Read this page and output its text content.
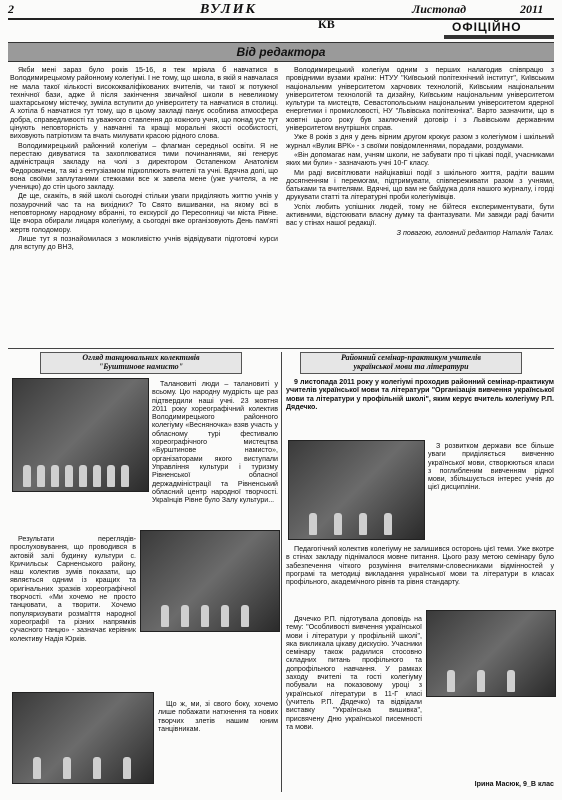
2	ВУЛИК	Листопад	2011
КВ	ОФІЦІЙНО
Від редактора

Якби мені зараз було років 15-16, я теж мріяла б навчатися в Володимирецькому районному колегіумі. І не тому, що школа, в якій я навчалася не мала такої кількості висококваліфікованих вчителів, чи такої ж потужної технічної бази, адже й після закінчення звичайної школи в невеликому шахтарському містечку, зуміла вступити до університету та навчатися в столиці. А хотіла б навчатися тут тому, що в цьому закладі панує особлива атмосфера добра, справедливості та уважного ставлення до кожного учня, що понад усе тут цінують неповторність у навчанні та кращі моральні якості особистості, виховують патріотизм та вчать милувати красою рідного слова.

Володимирецький районний колегіум – флагман середньої освіти. Я не перестаю дивуватися та захоплюватися тими починаннями, які генерує адміністрація закладу на чолі з директором Остапенком Анатолієм Федоровичем, та які з ентузіазмом підхоплюють вчителі та учні. Вдячна долі, що вона своїми заплутаними стежками все ж завела мене (уже учителя, а не ученицю) до стін цього закладу.

Де ще, скажіть, в якій школі сьогодні стільки уваги приділяють життю учнів у позаурочний час та на вихідних? То Свято вишиванки, на якому всі в неповторному народному вбранні, то екскурсії до Пересопниці чи міста Рівне. Ще вчора обирали лицаря колегіуму, а сьогодні вже організовують День пам'яті жертв голодомору.

Лише тут я познайомилася з можливістю учнів відвідувати підготовчі курси для вступу до ВНЗ,

Володимирецький колегіум одним з перших налагодив співпрацю з провідними вузами країни: НТУУ "Київський політехнічний інститут", Київським національним університетом харчових технологій, Київським національним університетом технологій та дизайну, Київським національним університетом культури та мистецтв, Севастопольським національним університетом ядерної енергетики і промисловості, НУ "Львівська політехніка". Варто зазначити, що в жовтні цього року був заключений договір і з Львівським державним університетом внутрішніх справ.

Уже 8 років з дня у день вірним другом крокує разом з колегіумом і шкільний журнал «Вулик ВРК» - з своїми повідомленнями, порадами, роздумами.

«Він допомагає нам, учням школи, не забувати про ті цікаві події, учасниками яких ми були» - зазначають учні 10-Г класу.

Ми раді висвітлювати найцікавіші події з шкільного життя, радіти вашим досягненням і перемогам, підтримувати, співпереживати разом з учнями, батьками та вчителями. Вдячні, що вам не байдужа доля нашого журналу, і горді друкувати статті та літературні проби колегіумівців.

Успіх любить успішних людей, тому не бійтеся експериментувати, бути активними, відстоювати власну думку та фантазувати. Ми завжди раді бачити вас у стінах нашої редакції.

З повагою, головний редактор Наталія Талах.

Огляд танцювальних колективів
"Буштинове намисто"

Талановиті люди – талановиті у всьому. Цю народну мудрість ще раз підтвердили наші учні. 23 жовтня 2011 року хореографічний колектив Володимирецького районного колегіуму «Весняночка» взяв участь у обласному турі фестивалю хореографічного мистецтва «Бурштинове намисто», організаторами якого виступали Управління культури і туризму Рівненської обласної держадміністрації та Рівненський обласний центр народної творчості. Українців Рівне було Залу культури...

Результати переглядів-прослуховування, що проводився в актовій залі будинку культури с. Кричильськ Сарненського району, наш колектив зумів показати, що являється одним із кращих та оригінальних зразків хореографічної творчості. «Ми хочемо не просто танцювати, а творити. Хочемо популяризувати розмаїття народної хореографії та різних напрямків сучасного танцю» - зазначає керівник колективу Надія Юрків.

Що ж, ми, зі свого боку, хочемо лише побажати натхнення та нових творчих злетів нашим юним танцівникам.

Районний семінар-практикум учителів
української мови та літератури

9 листопада 2011 року у колегіумі проходив районний семінар-практикум учителів української мови та літератури "Організація вивчення української мови та літератури у профільній школі", яким керує вчитель колегіуму Р.П. Дядечко.

З розвитком держави все більше уваги приділяється вивченню української мови, створюються класи з поглибленим вивченням рідної мови, збільшується інтерес учнів до цієї дисципліни.

Педагогічний колектив колегіуму не залишився осторонь цієї теми. Уже вкотре в стінах закладу піднімалося мовне питання. Цього разу метою семінару було забезпечення чіткого розуміння вчителями-словесниками відмінностей у програмі та методиці викладання української мови та літератури в класах профільного, академічного рівнів та рівня стандарту.

Дячечко Р.П. підготувала доповідь на тему: "Особливості вивчення української мови і літератури у профільній школі", яка викликала цікаву дискусію. Учасники семінару також радилися стосовно складних питань профільного та допрофільного навчання. У рамках заходу вчителі та гості колегіуму побували на показовому уроці з української літератури в 11-Г класі (учитель Р.П. Дядечко) та відвідали виставку "Українська вишивка", присвячену Дню української писемності та мови.

Ірина Масюк, 9_В клас
